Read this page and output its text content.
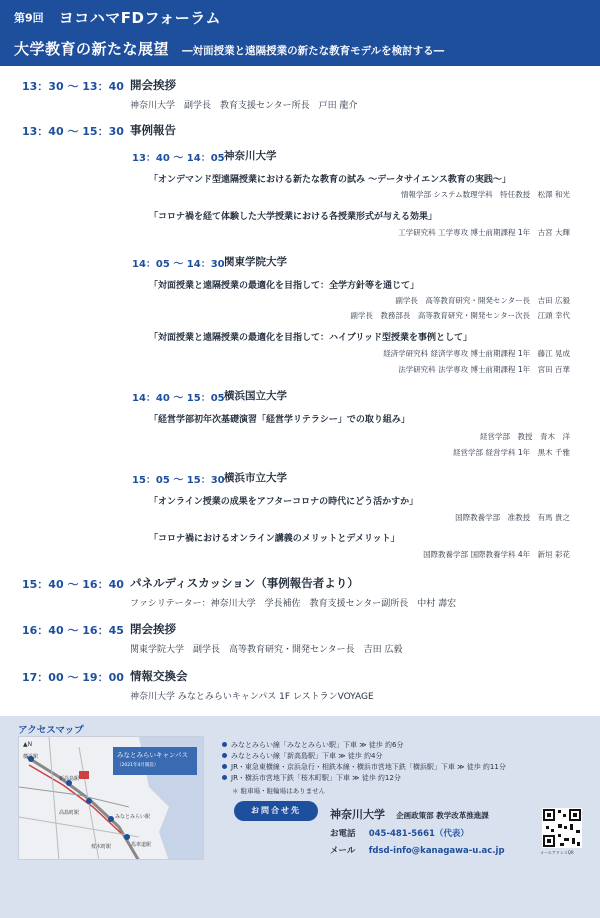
第9回 ヨコハマFDフォーラム
大学教育の新たな展望 ―対面授業と遠隔授業の新たな教育モデルを検討する―
13：30 ～ 13：40 開会挨拶
神奈川大学　副学長　教育支援センター所長　戸田 龍介
13：40 ～ 15：30 事例報告
13：40 ～ 14：05 神奈川大学
「オンデマンド型遠隔授業における新たな教育の試み ～データサイエンス教育の実践～」
情報学部 システム数理学科　特任教授　松澤 和光
「コロナ禍を経て体験した大学授業における各授業形式が与える効果」
工学研究科 工学専攻 博士前期課程 1年　古宮 大輝
14：05 ～ 14：30 関東学院大学
「対面授業と遠隔授業の最適化を目指して：全学方針等を通じて」
副学長　高等教育研究・開発センター長　吉田 広毅
副学長　教務部長　高等教育研究・開発センター次長　江頭 幸代
「対面授業と遠隔授業の最適化を目指して：ハイブリッド型授業を事例として」
経済学研究科 経済学専攻 博士前期課程 1年　藤江 晃成
法学研究科 法学専攻 博士前期課程 1年　宮田 百華
14：40 ～ 15：05 横浜国立大学
「経営学部初年次基礎演習「経営学リテラシー」での取り組み」
経営学部　教授　青木　洋
経営学部 経営学科 1年　黒木 千雅
15：05 ～ 15：30 横浜市立大学
「オンライン授業の成果をアフターコロナの時代にどう活かすか」
国際教養学部　准教授　有馬 貴之
「コロナ禍におけるオンライン講義のメリットとデメリット」
国際教養学部 国際教養学科 4年　新垣 彩花
15：40 ～ 16：40 パネルディスカッション（事例報告者より）
ファシリテーター：神奈川大学　学長補佐　教育支援センター副所長　中村 壽宏
16：40 ～ 16：45 閉会挨拶
関東学院大学　副学長　高等教育研究・開発センター長　吉田 広毅
17：00 ～ 19：00 情報交換会
神奈川大学 みなとみらいキャンパス 1F レストランVOYAGE
アクセスマップ
▲N
みなとみらいキャンパス
（2021年4月開設）
横浜駅
新高島駅
みなとみらい駅
高島町駅
桜木町駅	馬車道駅
みなとみらい線「みなとみらい駅」下車 ≫ 徒歩 約6分
みなとみらい線「新高島駅」下車 ≫ 徒歩 約4分
JR・東急東横線・京浜急行・相鉄本線・横浜市営地下鉄「横浜駅」下車 ≫ 徒歩 約11分
JR・横浜市営地下鉄「桜木町駅」下車 ≫ 徒歩 約12分
＊ 駐車場・駐輪場はありません
お問合せ先	神奈川大学 企画政策部 教学改革推進課
お電話 045-481-5661（代表）
メール fdsd-info@kanagawa-u.ac.jp	メールアドレスQR
